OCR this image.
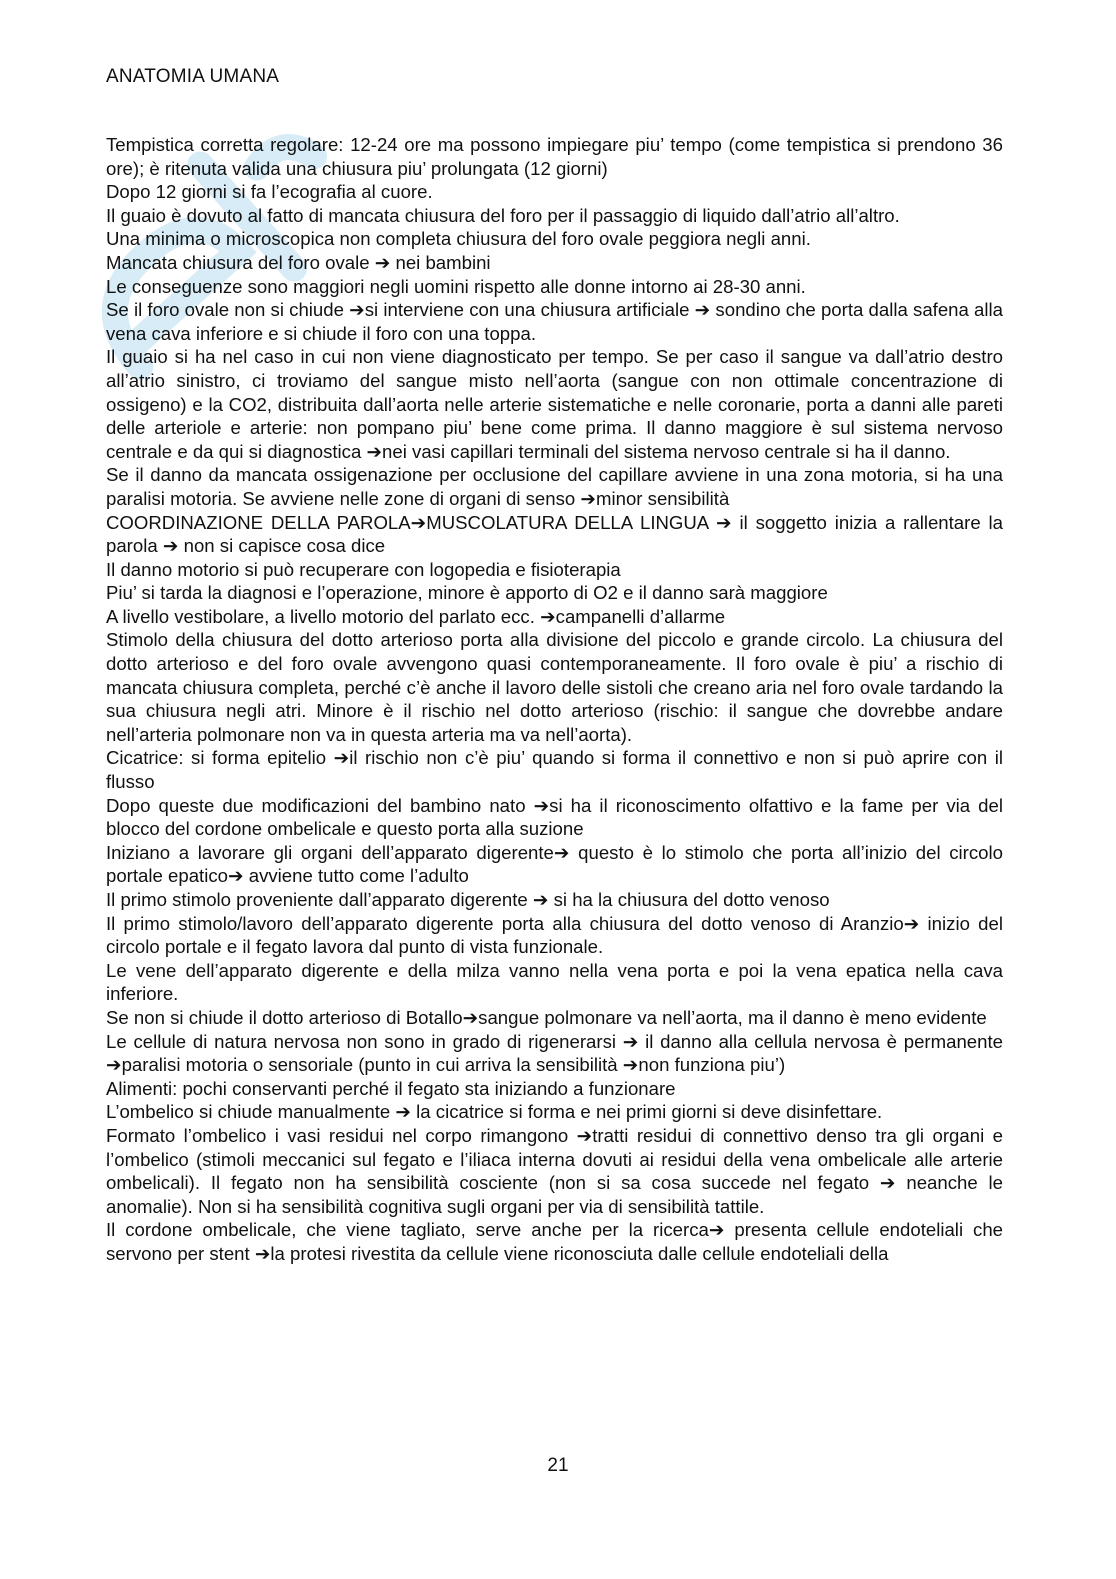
ANATOMIA UMANA

Tempistica corretta regolare: 12-24 ore ma possono impiegare piu’ tempo (come tempistica si prendono 36 ore); è ritenuta valida una chiusura piu’ prolungata (12 giorni)

Dopo 12 giorni si fa l’ecografia al cuore.

Il guaio è dovuto al fatto di mancata chiusura del foro per il passaggio di liquido dall’atrio all’altro.

Una minima o microscopica non completa chiusura del foro ovale peggiora negli anni.

Mancata chiusura del foro ovale ➔ nei bambini

Le conseguenze sono maggiori negli uomini rispetto alle donne intorno ai 28-30 anni.

Se il foro ovale non si chiude ➔si interviene con una chiusura artificiale ➔ sondino che porta dalla safena alla vena cava inferiore e si chiude il foro con una toppa.

Il guaio si ha nel caso in cui non viene diagnosticato per tempo. Se per caso il sangue va dall’atrio destro all’atrio sinistro, ci troviamo del sangue misto nell’aorta (sangue con non ottimale concentrazione di ossigeno) e la CO2, distribuita dall’aorta nelle arterie sistematiche e nelle coronarie, porta a danni alle pareti delle arteriole e arterie: non pompano piu’ bene come prima. Il danno maggiore è sul sistema nervoso centrale e da qui si diagnostica ➔nei vasi capillari terminali del sistema nervoso centrale si ha il danno.

Se il danno da mancata ossigenazione per occlusione del capillare avviene in una zona motoria, si ha una paralisi motoria. Se avviene nelle zone di organi di senso ➔minor sensibilità

COORDINAZIONE DELLA PAROLA➔MUSCOLATURA DELLA LINGUA ➔ il soggetto inizia a rallentare la parola ➔ non si capisce cosa dice

Il danno motorio si può recuperare con logopedia e fisioterapia

Piu’ si tarda la diagnosi e l’operazione, minore è apporto di O2 e il danno sarà maggiore

A livello vestibolare, a livello motorio del parlato ecc. ➔campanelli d’allarme

Stimolo della chiusura del dotto arterioso porta alla divisione del piccolo e grande circolo. La chiusura del dotto arterioso e del foro ovale avvengono quasi contemporaneamente. Il foro ovale è piu’ a rischio di mancata chiusura completa, perché c’è anche il lavoro delle sistoli che creano aria nel foro ovale tardando la sua chiusura negli atri. Minore è il rischio nel dotto arterioso (rischio: il sangue che dovrebbe andare nell’arteria polmonare non va in questa arteria ma va nell’aorta).

Cicatrice: si forma epitelio ➔il rischio non c’è piu’ quando si forma il connettivo e non si può aprire con il flusso

Dopo queste due modificazioni del bambino nato ➔si ha il riconoscimento olfattivo e la fame per via del blocco del cordone ombelicale e questo porta alla suzione

Iniziano a lavorare gli organi dell’apparato digerente➔ questo è lo stimolo che porta all’inizio del circolo portale epatico➔ avviene tutto come l’adulto

Il primo stimolo proveniente dall’apparato digerente ➔ si ha la chiusura del dotto venoso

Il primo stimolo/lavoro dell’apparato digerente porta alla chiusura del dotto venoso di Aranzio➔ inizio del circolo portale e il fegato lavora dal punto di vista funzionale.

Le vene dell’apparato digerente e della milza vanno nella vena porta e poi la vena epatica nella cava inferiore.

Se non si chiude il dotto arterioso di Botallo➔sangue polmonare va nell’aorta, ma il danno è meno evidente

Le cellule di natura nervosa non sono in grado di rigenerarsi ➔ il danno alla cellula nervosa è permanente ➔paralisi motoria o sensoriale (punto in cui arriva la sensibilità ➔non funziona piu’)

Alimenti: pochi conservanti perché il fegato sta iniziando a funzionare

L’ombelico si chiude manualmente ➔ la cicatrice si forma e nei primi giorni si deve disinfettare.

Formato l’ombelico i vasi residui nel corpo rimangono ➔tratti residui di connettivo denso tra gli organi e l’ombelico (stimoli meccanici sul fegato e l’iliaca interna dovuti ai residui della vena ombelicale alle arterie ombelicali). Il fegato non ha sensibilità cosciente (non si sa cosa succede nel fegato ➔ neanche le anomalie). Non si ha sensibilità cognitiva sugli organi per via di sensibilità tattile.

Il cordone ombelicale, che viene tagliato, serve anche per la ricerca➔ presenta cellule endoteliali che servono per stent ➔la protesi rivestita da cellule viene riconosciuta dalle cellule endoteliali della

21
